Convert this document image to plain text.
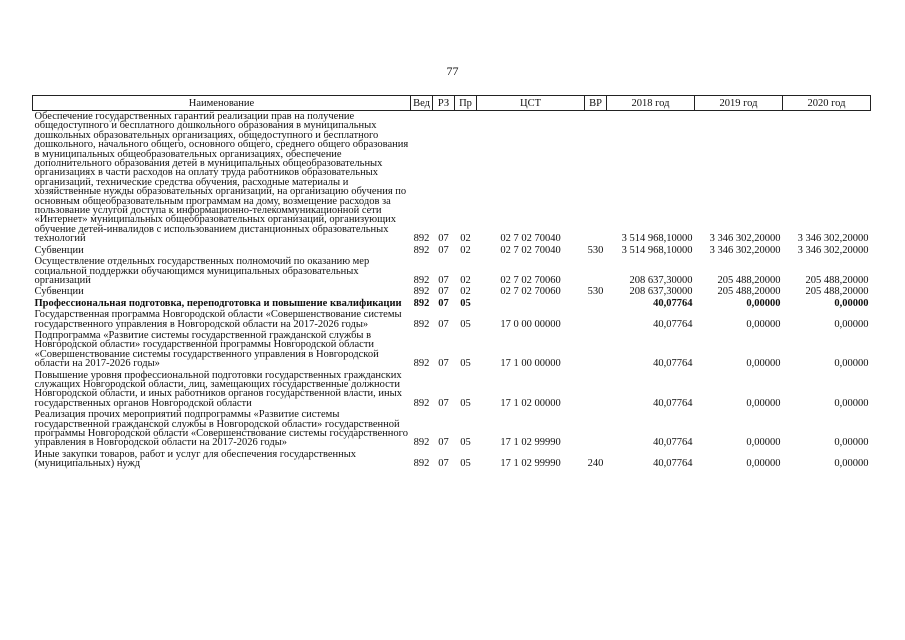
77
Наименование	Вед	РЗ	Пр	ЦСТ	ВР	2018 год	2019 год	2020 год
Обеспечение государственных гарантий реализации прав на получение общедоступного и бесплатного дошкольного образования в муниципальных дошкольных образовательных организациях, общедоступного и бесплатного дошкольного, начального общего, основного общего, среднего общего образования в муниципальных общеобразовательных организациях, обеспечение дополнительного образования детей в муниципальных общеобразовательных организациях в части расходов на оплату труда работников образовательных организаций, технические средства обучения, расходные материалы и хозяйственные нужды образовательных организаций, на организацию обучения по основным общеобразовательным программам на дому, возмещение расходов за пользование услугой доступа к информационно-телекоммуникационной сети «Интернет» муниципальных общеобразовательных организаций, организующих обучение детей-инвалидов с использованием дистанционных образовательных технологий	892	07	02	02 7 02 70040		3 514 968,10000	3 346 302,20000	3 346 302,20000
Субвенции	892	07	02	02 7 02 70040	530	3 514 968,10000	3 346 302,20000	3 346 302,20000
Осуществление отдельных государственных полномочий по оказанию мер социальной поддержки обучающимся муниципальных образовательных организаций	892	07	02	02 7 02 70060		208 637,30000	205 488,20000	205 488,20000
Субвенции	892	07	02	02 7 02 70060	530	208 637,30000	205 488,20000	205 488,20000
Профессиональная подготовка, переподготовка и повышение квалификации	892	07	05			40,07764	0,00000	0,00000
Государственная программа Новгородской области «Совершенствование системы государственного управления в Новгородской области на 2017-2026 годы»	892	07	05	17 0 00 00000		40,07764	0,00000	0,00000
Подпрограмма «Развитие системы государственной гражданской службы в Новгородской области» государственной программы Новгородской области «Совершенствование системы государственного управления в Новгородской области на 2017-2026 годы»	892	07	05	17 1 00 00000		40,07764	0,00000	0,00000
Повышение уровня профессиональной подготовки государственных гражданских служащих Новгородской области, лиц, замещающих государственные должности Новгородской области, и иных работников органов государственной власти, иных государственных органов Новгородской области	892	07	05	17 1 02 00000		40,07764	0,00000	0,00000
Реализация прочих мероприятий подпрограммы «Развитие системы государственной гражданской службы в Новгородской области» государственной программы Новгородской области «Совершенствование системы государственного управления в Новгородской области на 2017-2026 годы»	892	07	05	17 1 02 99990		40,07764	0,00000	0,00000
Иные закупки товаров, работ и услуг для обеспечения государственных (муниципальных) нужд	892	07	05	17 1 02 99990	240	40,07764	0,00000	0,00000
